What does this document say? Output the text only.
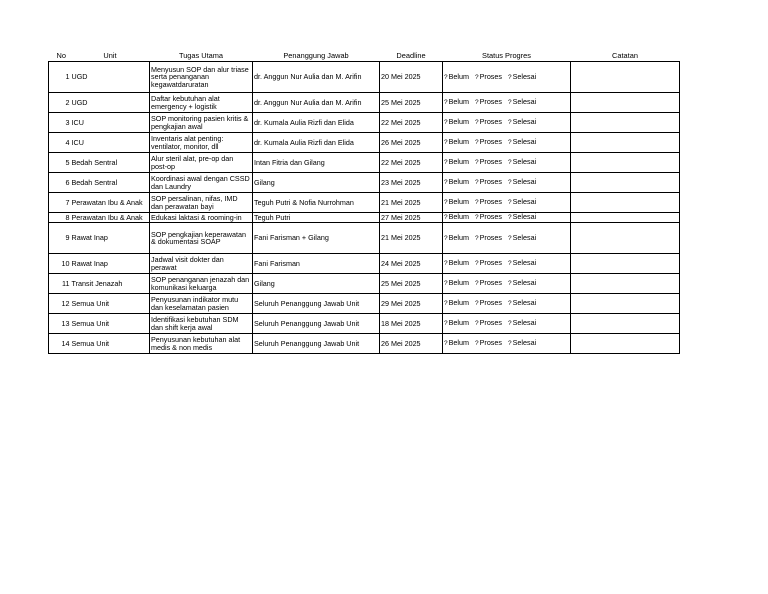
No	Unit	Tugas Utama	Penanggung Jawab	Deadline	Status Progres	Catatan
1	UGD	Menyusun SOP dan alur triase serta penanganan kegawatdaruratan	dr. Anggun Nur Aulia dan M. Arifin	20 Mei 2025	?Belum ?Proses ?Selesai	
2	UGD	Daftar kebutuhan alat emergency + logistik	dr. Anggun Nur Aulia dan M. Arifin	25 Mei 2025	?Belum ?Proses ?Selesai	
3	ICU	SOP monitoring pasien kritis & pengkajian awal	dr. Kumala Aulia Rizfi dan Elida	22 Mei 2025	?Belum ?Proses ?Selesai	
4	ICU	Inventaris alat penting: ventilator, monitor, dll	dr. Kumala Aulia Rizfi dan Elida	26 Mei 2025	?Belum ?Proses ?Selesai	
5	Bedah Sentral	Alur steril alat, pre-op dan post-op	Intan Fitria dan Gilang	22 Mei 2025	?Belum ?Proses ?Selesai	
6	Bedah Sentral	Koordinasi awal dengan CSSD dan Laundry	Gilang	23 Mei 2025	?Belum ?Proses ?Selesai	
7	Perawatan Ibu & Anak	SOP persalinan, nifas, IMD dan perawatan bayi	Teguh Putri & Nofia Nurrohman	21 Mei 2025	?Belum ?Proses ?Selesai	
8	Perawatan Ibu & Anak	Edukasi laktasi & rooming-in	Teguh Putri	27 Mei 2025	?Belum ?Proses ?Selesai	
9	Rawat Inap	SOP pengkajian keperawatan & dokumentasi SOAP	Fani Farisman + Gilang	21 Mei 2025	?Belum ?Proses ?Selesai	
10	Rawat Inap	Jadwal visit dokter dan perawat	Fani Farisman	24 Mei 2025	?Belum ?Proses ?Selesai	
11	Transit Jenazah	SOP penanganan jenazah dan komunikasi keluarga	Gilang	25 Mei 2025	?Belum ?Proses ?Selesai	
12	Semua Unit	Penyusunan indikator mutu dan keselamatan pasien	Seluruh Penanggung Jawab Unit	29 Mei 2025	?Belum ?Proses ?Selesai	
13	Semua Unit	Identifikasi kebutuhan SDM dan shift kerja awal	Seluruh Penanggung Jawab Unit	18 Mei 2025	?Belum ?Proses ?Selesai	
14	Semua Unit	Penyusunan kebutuhan alat medis & non medis	Seluruh Penanggung Jawab Unit	26 Mei 2025	?Belum ?Proses ?Selesai	
